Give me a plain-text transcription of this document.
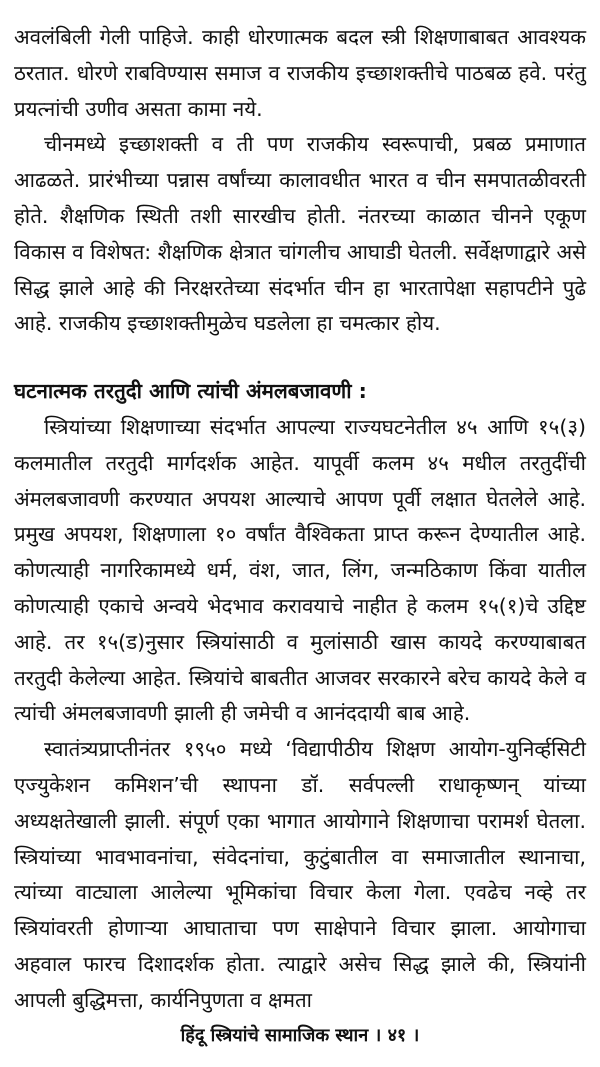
अवलंबिली गेली पाहिजे. काही धोरणात्मक बदल स्त्री शिक्षणाबाबत आवश्यक ठरतात. धोरणे राबविण्यास समाज व राजकीय इच्छाशक्तीचे पाठबळ हवे. परंतु प्रयत्नांची उणीव असता कामा नये.

चीनमध्ये इच्छाशक्ती व ती पण राजकीय स्वरूपाची, प्रबळ प्रमाणात आढळते. प्रारंभीच्या पन्नास वर्षांच्या कालावधीत भारत व चीन समपातळीवरती होते. शैक्षणिक स्थिती तशी सारखीच होती. नंतरच्या काळात चीनने एकूण विकास व विशेषत: शैक्षणिक क्षेत्रात चांगलीच आघाडी घेतली. सर्वेक्षणाद्वारे असे सिद्ध झाले आहे की निरक्षरतेच्या संदर्भात चीन हा भारतापेक्षा सहापटीने पुढे आहे. राजकीय इच्छाशक्तीमुळेच घडलेला हा चमत्कार होय.

घटनात्मक तरतुदी आणि त्यांची अंमलबजावणी :

स्त्रियांच्या शिक्षणाच्या संदर्भात आपल्या राज्यघटनेतील ४५ आणि १५(३) कलमातील तरतुदी मार्गदर्शक आहेत. यापूर्वी कलम ४५ मधील तरतुदींची अंमलबजावणी करण्यात अपयश आल्याचे आपण पूर्वी लक्षात घेतलेले आहे. प्रमुख अपयश, शिक्षणाला १० वर्षांत वैश्विकता प्राप्त करून देण्यातील आहे. कोणत्याही नागरिकामध्ये धर्म, वंश, जात, लिंग, जन्मठिकाण किंवा यातील कोणत्याही एकाचे अन्वये भेदभाव करावयाचे नाहीत हे कलम १५(१)चे उद्दिष्ट आहे. तर १५(ड)नुसार स्त्रियांसाठी व मुलांसाठी खास कायदे करण्याबाबत तरतुदी केलेल्या आहेत. स्त्रियांचे बाबतीत आजवर सरकारने बरेच कायदे केले व त्यांची अंमलबजावणी झाली ही जमेची व आनंददायी बाब आहे.

स्वातंत्र्यप्राप्तीनंतर १९५० मध्ये ‘विद्यापीठीय शिक्षण आयोग-युनिर्व्हसिटी एज्युकेशन कमिशन’ची स्थापना डॉ. सर्वपल्ली राधाकृष्णन् यांच्या अध्यक्षतेखाली झाली. संपूर्ण एका भागात आयोगाने शिक्षणाचा परामर्श घेतला. स्त्रियांच्या भावभावनांचा, संवेदनांचा, कुटुंबातील वा समाजातील स्थानाचा, त्यांच्या वाट्याला आलेल्या भूमिकांचा विचार केला गेला. एवढेच नव्हे तर स्त्रियांवरती होणाऱ्या आघाताचा पण साक्षेपाने विचार झाला. आयोगाचा अहवाल फारच दिशादर्शक होता. त्याद्वारे असेच सिद्ध झाले की, स्त्रियांनी आपली बुद्धिमत्ता, कार्यनिपुणता व क्षमता

हिंदू स्त्रियांचे सामाजिक स्थान । ४१ ।
